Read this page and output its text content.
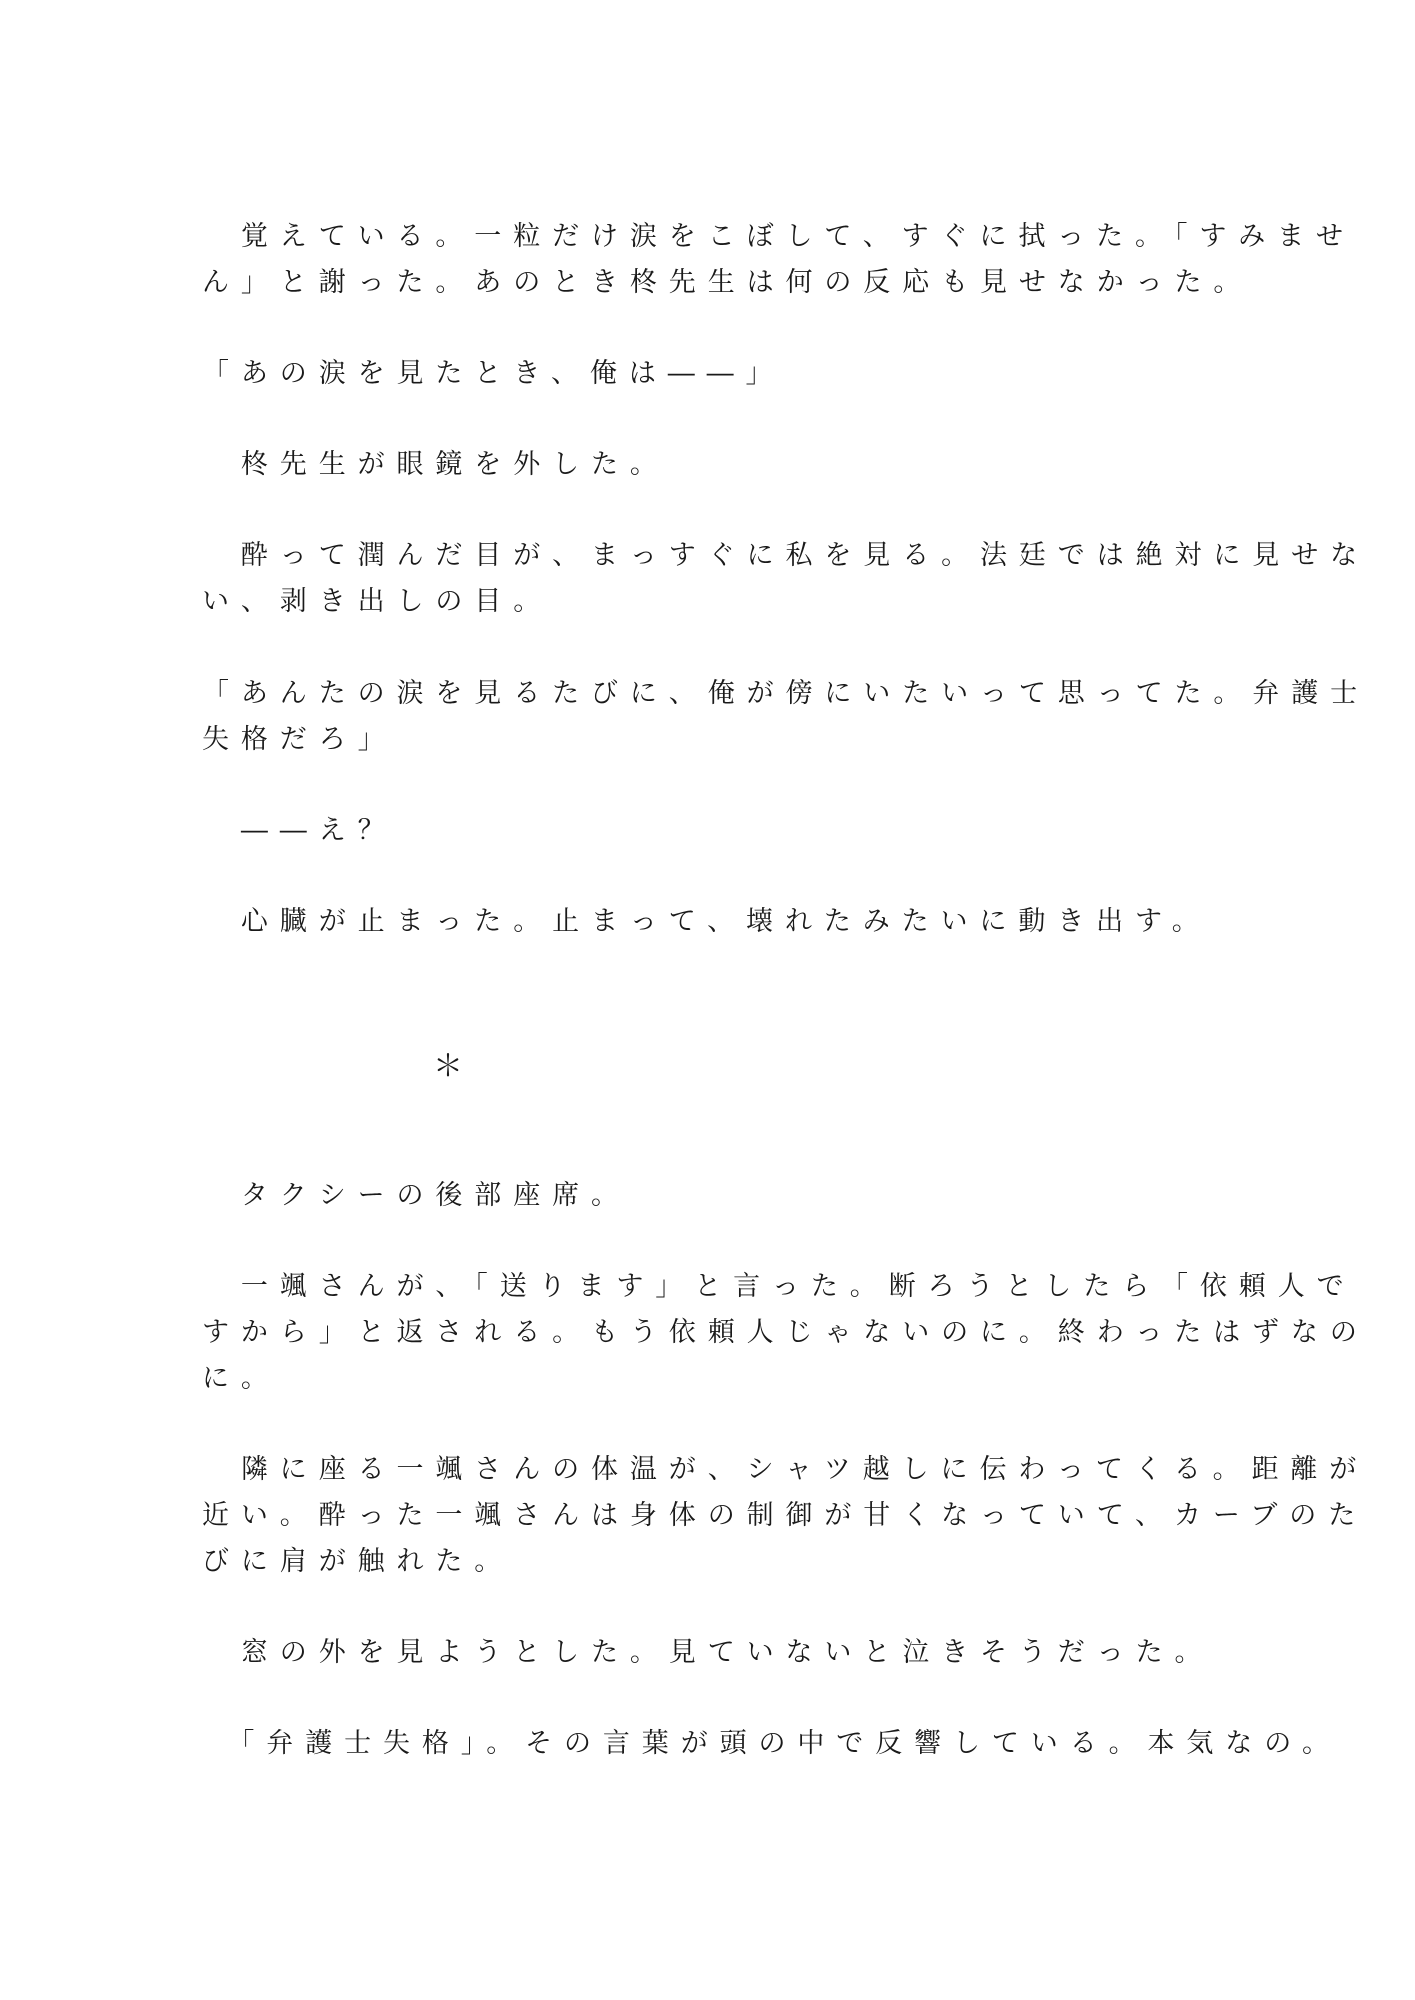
　覚えている。一粒だけ涙をこぼして、すぐに拭った。「すみませ

ん」と謝った。あのとき柊先生は何の反応も見せなかった。

「あの涙を見たとき、俺は――」

　柊先生が眼鏡を外した。

　酔って潤んだ目が、まっすぐに私を見る。法廷では絶対に見せな

い、剥き出しの目。

「あんたの涙を見るたびに、俺が傍にいたいって思ってた。弁護士

失格だろ」

　――え？

　心臓が止まった。止まって、壊れたみたいに動き出す。

＊

　タクシーの後部座席。

　一颯さんが、「送ります」と言った。断ろうとしたら「依頼人で

すから」と返される。もう依頼人じゃないのに。終わったはずなの

に。

　隣に座る一颯さんの体温が、シャツ越しに伝わってくる。距離が

近い。酔った一颯さんは身体の制御が甘くなっていて、カーブのた

びに肩が触れた。

　窓の外を見ようとした。見ていないと泣きそうだった。

　「弁護士失格」。その言葉が頭の中で反響している。本気なの。
